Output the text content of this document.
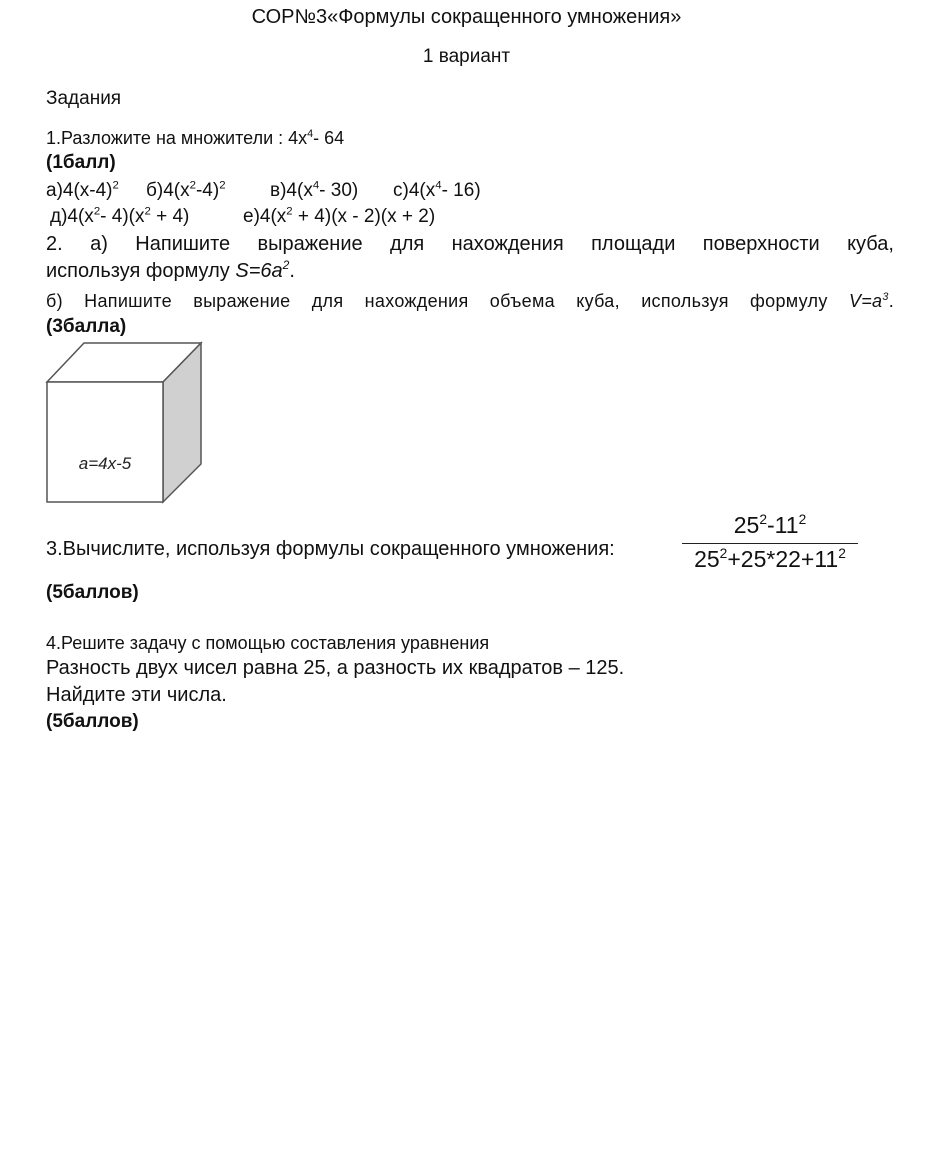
СОР№3«Формулы сокращенного умножения»
1 вариант
Задания
1.Разложите на множители : $4х^4-$ 64
(1балл)
$а)4(х-4)^2$ $б)4(х^2-4)^2$ $в)4(х^4-$ 30) $с)4(х^4-$ 16)
$д)4(х^2-$ $4)(х^2 + 4)$	$е)4(х^2 + 4)(х - 2)(х + 2)$
2. а) Напишите выражение для нахождения площади поверхности куба,
используя формулу $S=6a^2$.
б) Напишите выражение для нахождения объема куба, используя формулу $V=a^3$.
(3балла)
a=4x-5
3.Вычислите, используя формулы сокращенного умножения:	$\frac{25^2-11^2}{25^2+25*22+11^2}$
(5баллов)
4.Решите задачу с помощью составления уравнения
Разность двух чисел равна 25, а разность их квадратов – 125.
Найдите эти числа.
(5баллов)
